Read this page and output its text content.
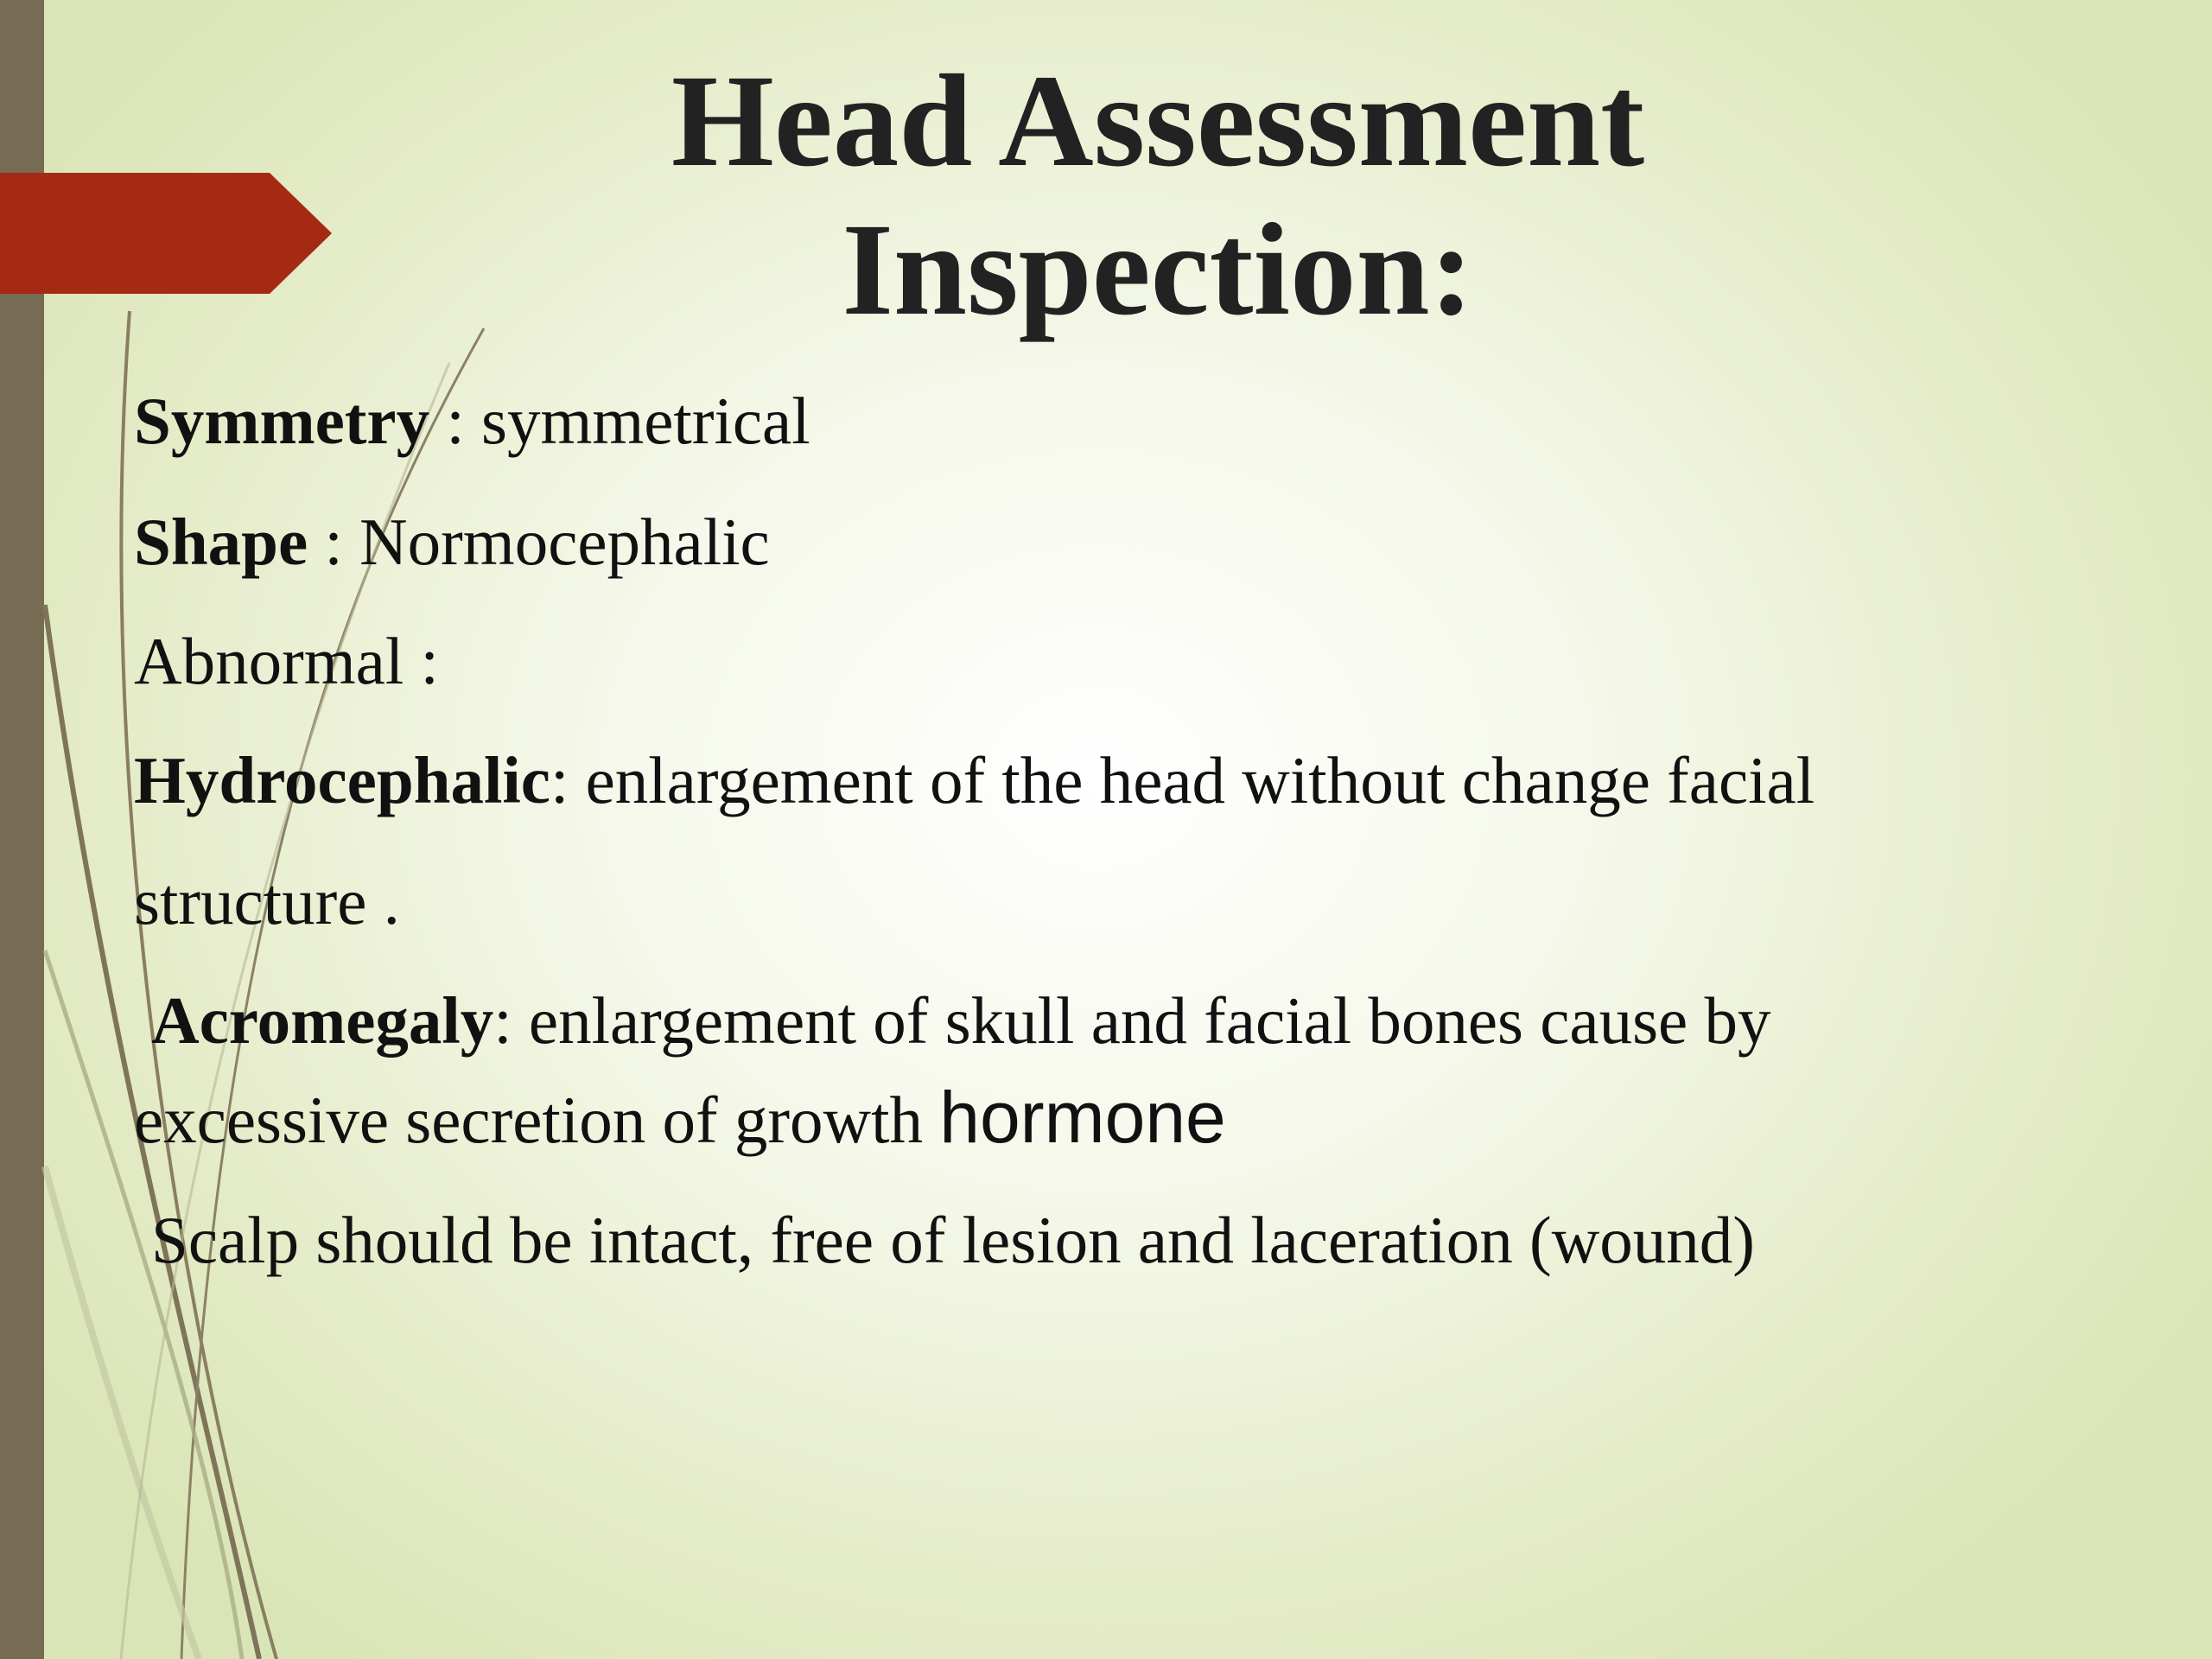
Head Assessment
Inspection:
Symmetry : symmetrical
Shape : Normocephalic
Abnormal :
Hydrocephalic: enlargement of the head without change facial
structure .
Acromegaly: enlargement of skull and facial bones cause by
excessive secretion of growth hormone
Scalp should be intact, free of lesion and laceration (wound)
